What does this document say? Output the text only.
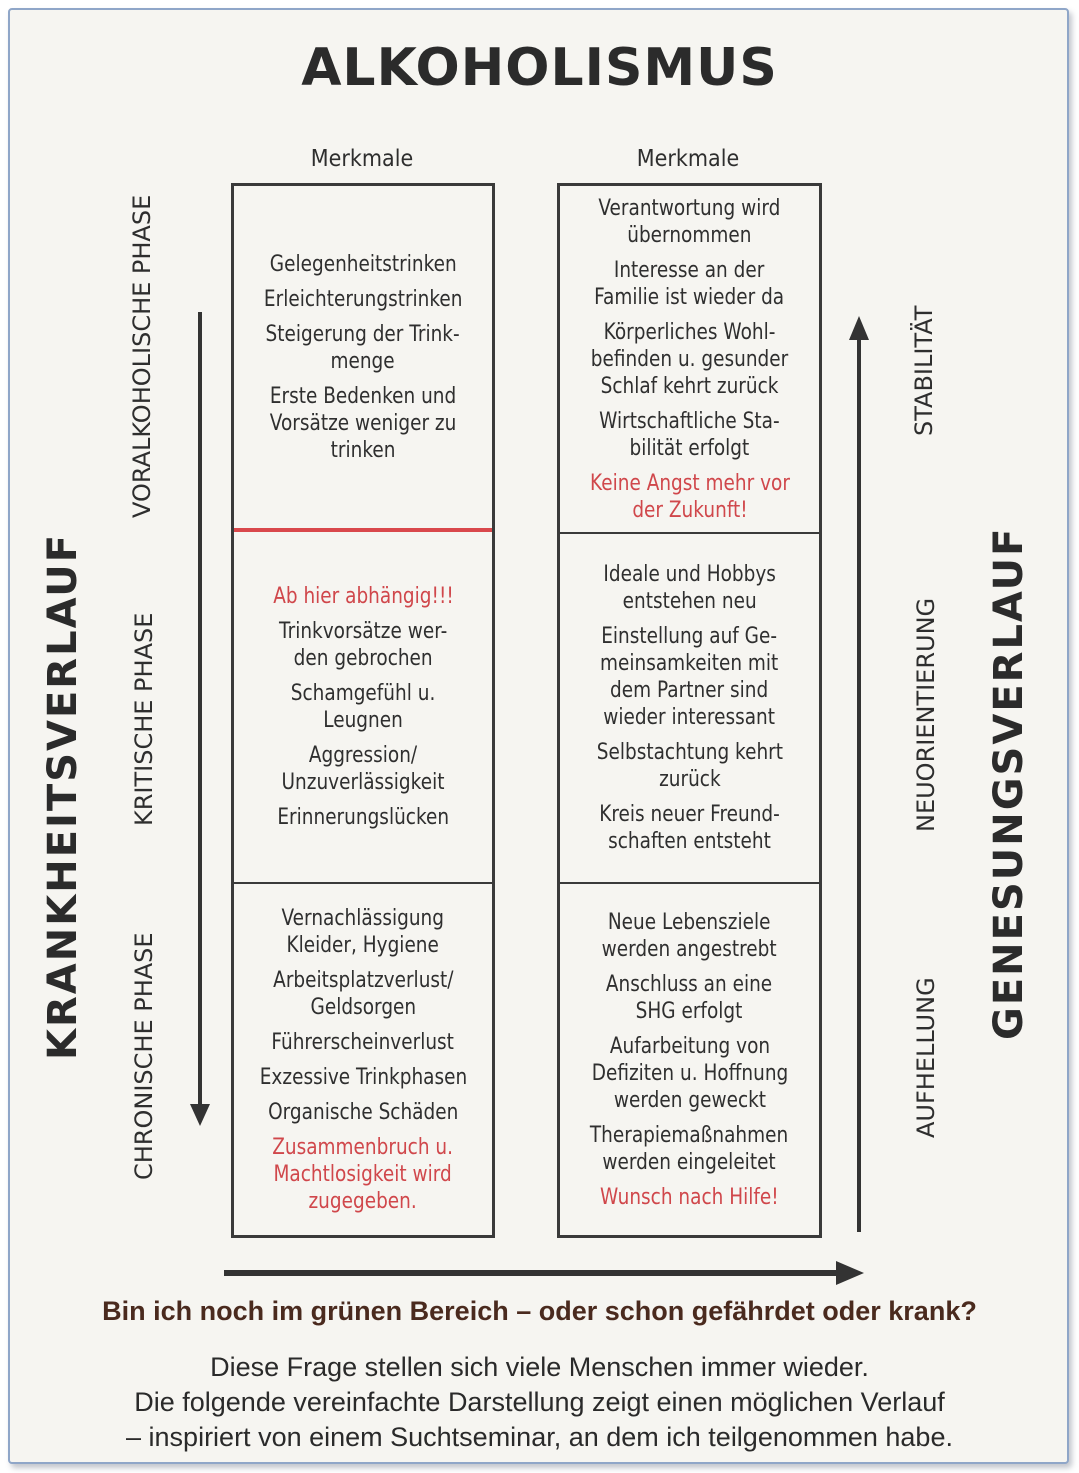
ALKOHOLISMUS
Merkmale	Merkmale
Gelegenheitstrinken
Erleichterungstrinken
Steigerung der Trink-
menge
Erste Bedenken und
Vorsätze weniger zu
trinken
Ab hier abhängig!!!
Trinkvorsätze wer-
den gebrochen
Schamgefühl u.
Leugnen
Aggression/
Unzuverlässigkeit
Erinnerungslücken
Vernachlässigung
Kleider, Hygiene
Arbeitsplatzverlust/
Geldsorgen
Führerscheinverlust
Exzessive Trinkphasen
Organische Schäden
Zusammenbruch u.
Machtlosigkeit wird
zugegeben.
Verantwortung wird
übernommen
Interesse an der
Familie ist wieder da
Körperliches Wohl-
befinden u. gesunder
Schlaf kehrt zurück
Wirtschaftliche Sta-
bilität erfolgt
Keine Angst mehr vor
der Zukunft!
Ideale und Hobbys
entstehen neu
Einstellung auf Ge-
meinsamkeiten mit
dem Partner sind
wieder interessant
Selbstachtung kehrt
zurück
Kreis neuer Freund-
schaften entsteht
Neue Lebensziele
werden angestrebt
Anschluss an eine
SHG erfolgt
Aufarbeitung von
Defiziten u. Hoffnung
werden geweckt
Therapiemaßnahmen
werden eingeleitet
Wunsch nach Hilfe!
VORALKOHOLISCHE PHASE
KRITISCHE PHASE
CHRONISCHE PHASE
STABILITÄT
NEUORIENTIERUNG
AUFHELLUNG
KRANKHEITSVERLAUF	GENESUNGSVERLAUF
Bin ich noch im grünen Bereich – oder schon gefährdet oder krank?
Diese Frage stellen sich viele Menschen immer wieder.
Die folgende vereinfachte Darstellung zeigt einen möglichen Verlauf
– inspiriert von einem Suchtseminar, an dem ich teilgenommen habe.
